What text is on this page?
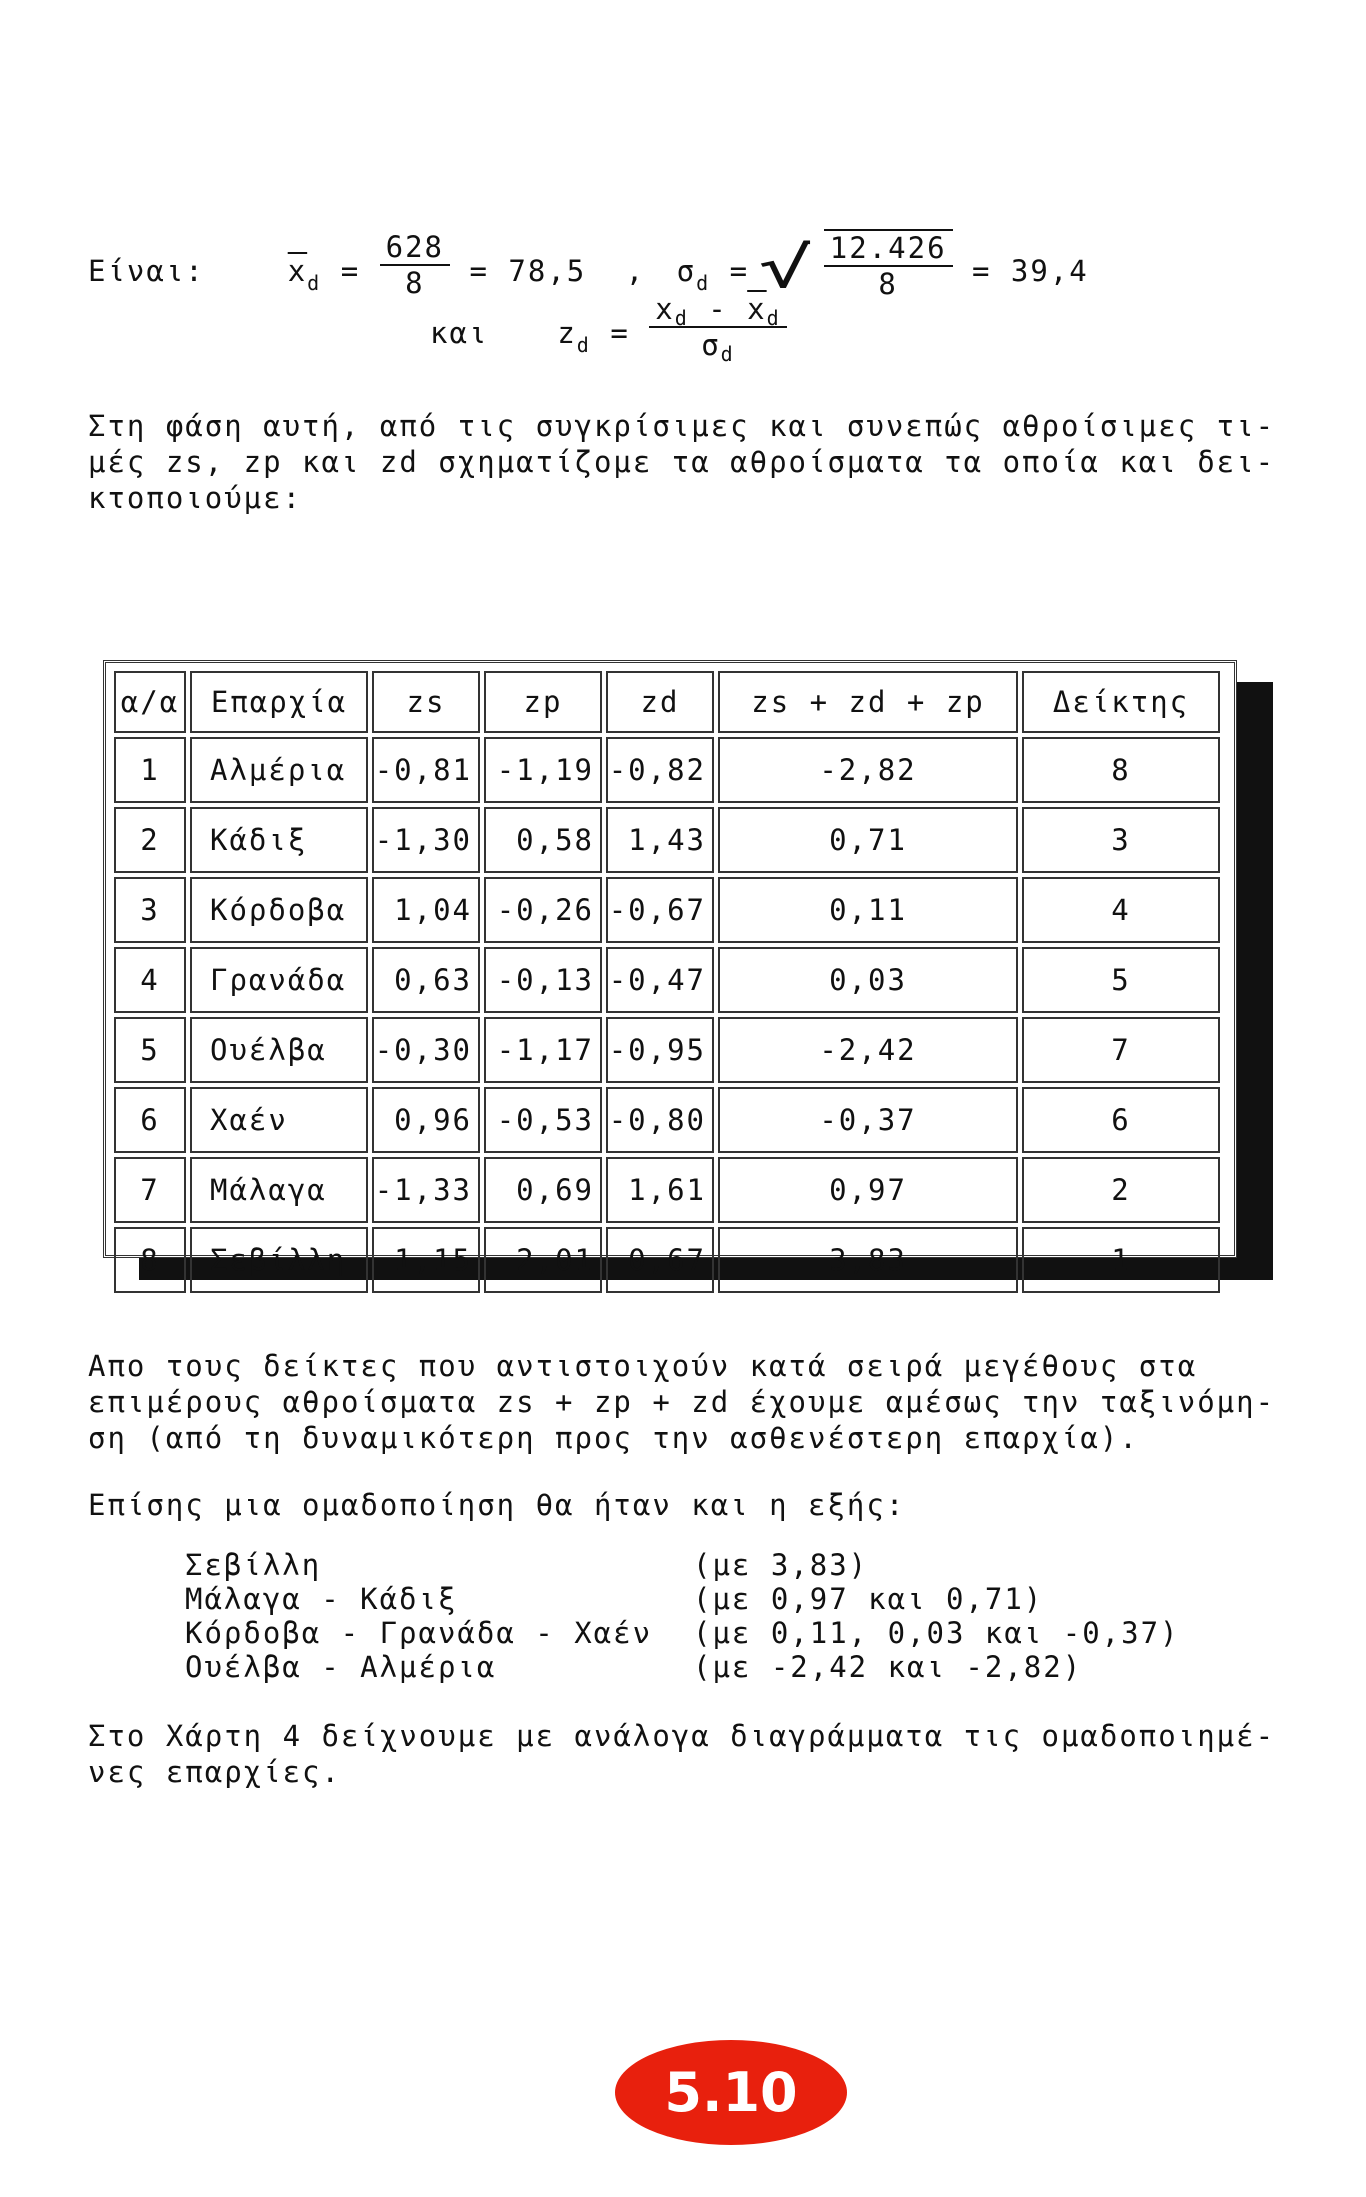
Είναι:	$\overline{x}_d = \frac{628}{8} = 78,5$ , $\sigma_d$ = √ $\frac{12.426}{8} = 39,4$
και $z_d = \frac{x_d - \overline{x}_d}{\sigma_d}$
Στη φάση αυτή, από τις συγκρίσιμες και συνεπώς αθροίσιμες τι-
μές zs, zp και zd σχηματίζομε τα αθροίσματα τα οποία και δει-
κτοποιούμε:
α/α	Επαρχία	zs	zp	zd	zs + zd + zp	Δείκτης
1	Αλμέρια	-0,81	-1,19	-0,82	-2,82	8
2	Κάδιξ	-1,30	0,58	1,43	0,71	3
3	Κόρδοβα	1,04	-0,26	-0,67	0,11	4
4	Γρανάδα	0,63	-0,13	-0,47	0,03	5
5	Ουέλβα	-0,30	-1,17	-0,95	-2,42	7
6	Χαέν	0,96	-0,53	-0,80	-0,37	6
7	Μάλαγα	-1,33	0,69	1,61	0,97	2
8	Σεβίλλη	1,15	2,01	0,67	3,83	1
Απο τους δείκτες που αντιστοιχούν κατά σειρά μεγέθους στα
επιμέρους αθροίσματα zs + zp + zd έχουμε αμέσως την ταξινόμη-
ση (από τη δυναμικότερη προς την ασθενέστερη επαρχία).
Επίσης μια ομαδοποίηση θα ήταν και η εξής:
Σεβίλλη	(με 3,83)
Μάλαγα - Κάδιξ	(με 0,97 και 0,71)
Κόρδοβα - Γρανάδα - Χαέν	(με 0,11, 0,03 και -0,37)
Ουέλβα - Αλμέρια	(με -2,42 και -2,82)
Στο Χάρτη 4 δείχνουμε με ανάλογα διαγράμματα τις ομαδοποιημέ-
νες επαρχίες.
5.10
